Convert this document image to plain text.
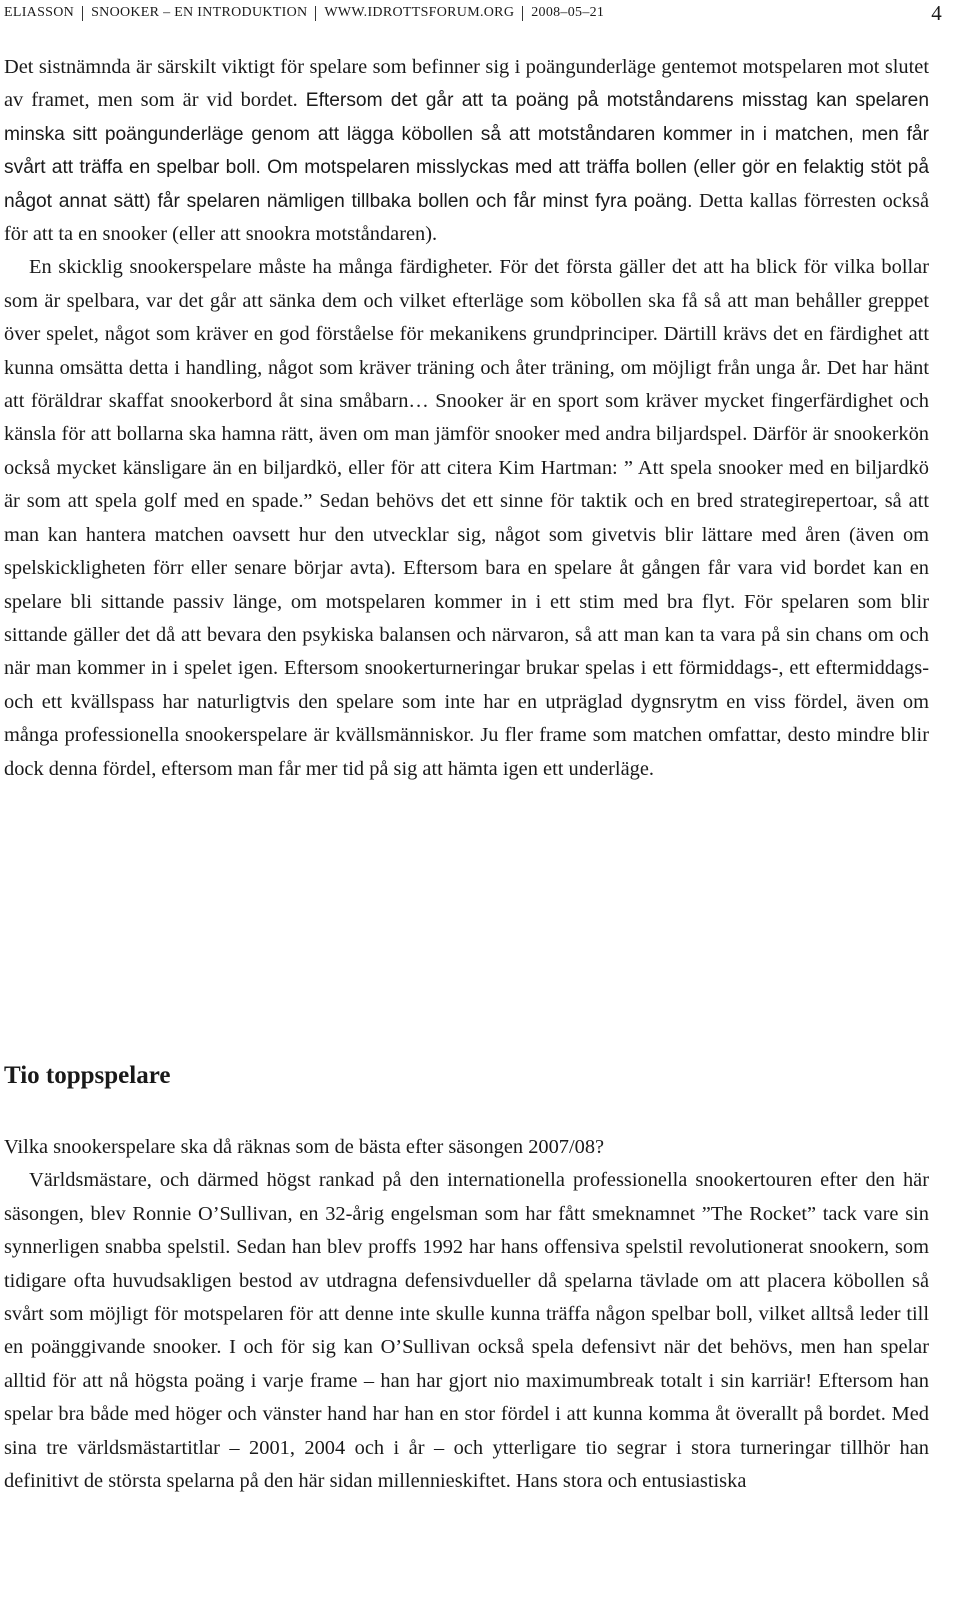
ELIASSON SNOOKER – EN INTRODUKTION WWW.IDROTTSFORUM.ORG 2008–05–21	4

Det sistnämnda är särskilt viktigt för spelare som befinner sig i poängunderläge gentemot motspelaren mot slutet av framet, men som är vid bordet. Eftersom det går att ta poäng på motståndarens misstag kan spelaren minska sitt poängunderläge genom att lägga köbollen så att motståndaren kommer in i matchen, men får svårt att träffa en spelbar boll. Om motspelaren misslyckas med att träffa bollen (eller gör en felaktig stöt på något annat sätt) får spelaren nämligen tillbaka bollen och får minst fyra poäng. Detta kallas förresten också för att ta en snooker (eller att snookra motståndaren).

En skicklig snookerspelare måste ha många färdigheter. För det första gäller det att ha blick för vilka bollar som är spelbara, var det går att sänka dem och vilket efterläge som köbollen ska få så att man behåller greppet över spelet, något som kräver en god förståelse för mekanikens grundprinciper. Därtill krävs det en färdighet att kunna omsätta detta i handling, något som kräver träning och åter träning, om möjligt från unga år. Det har hänt att föräldrar skaffat snookerbord åt sina småbarn… Snooker är en sport som kräver mycket fingerfärdighet och känsla för att bollarna ska hamna rätt, även om man jämför snooker med andra biljardspel. Därför är snookerkön också mycket känsligare än en biljardkö, eller för att citera Kim Hartman: ” Att spela snooker med en biljardkö är som att spela golf med en spade.” Sedan behövs det ett sinne för taktik och en bred strategirepertoar, så att man kan hantera matchen oavsett hur den utvecklar sig, något som givetvis blir lättare med åren (även om spelskickligheten förr eller senare börjar avta). Eftersom bara en spelare åt gången får vara vid bordet kan en spelare bli sittande passiv länge, om motspelaren kommer in i ett stim med bra flyt. För spelaren som blir sittande gäller det då att bevara den psykiska balansen och närvaron, så att man kan ta vara på sin chans om och när man kommer in i spelet igen. Eftersom snookerturneringar brukar spelas i ett förmiddags-, ett eftermiddags- och ett kvällspass har naturligtvis den spelare som inte har en utpräglad dygnsrytm en viss fördel, även om många professionella snookerspelare är kvällsmänniskor. Ju fler frame som matchen omfattar, desto mindre blir dock denna fördel, eftersom man får mer tid på sig att hämta igen ett underläge.

Tio toppspelare

Vilka snookerspelare ska då räknas som de bästa efter säsongen 2007/08?

Världsmästare, och därmed högst rankad på den internationella professionella snookertouren efter den här säsongen, blev Ronnie O’Sullivan, en 32-årig engelsman som har fått smeknamnet ”The Rocket” tack vare sin synnerligen snabba spelstil. Sedan han blev proffs 1992 har hans offensiva spelstil revolutionerat snookern, som tidigare ofta huvudsakligen bestod av utdragna defensivdueller då spelarna tävlade om att placera köbollen så svårt som möjligt för motspelaren för att denne inte skulle kunna träffa någon spelbar boll, vilket alltså leder till en poänggivande snooker. I och för sig kan O’Sullivan också spela defensivt när det behövs, men han spelar alltid för att nå högsta poäng i varje frame – han har gjort nio maximumbreak totalt i sin karriär! Eftersom han spelar bra både med höger och vänster hand har han en stor fördel i att kunna komma åt överallt på bordet. Med sina tre världsmästartitlar – 2001, 2004 och i år – och ytterligare tio segrar i stora turneringar tillhör han definitivt de största spelarna på den här sidan millennieskiftet. Hans stora och entusiastiska
